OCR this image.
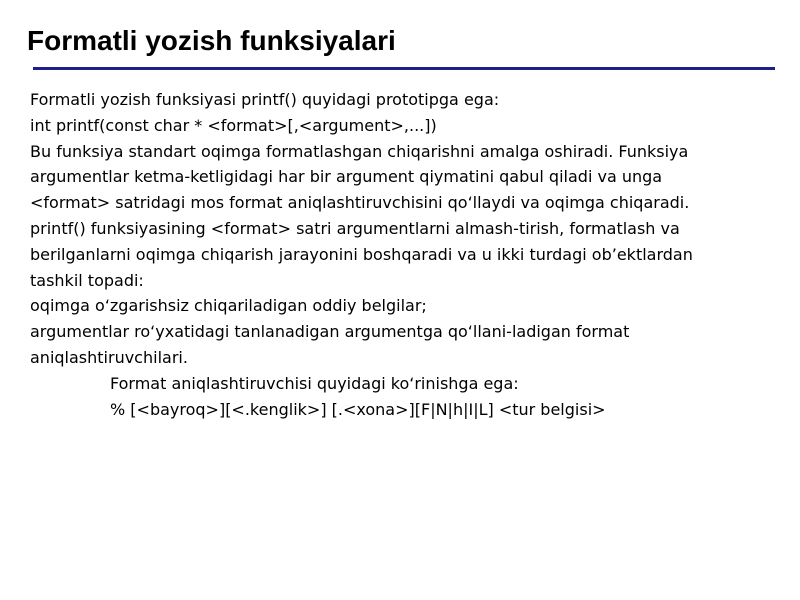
Formatli yozish funksiyalari
Formatli yozish funksiyasi printf() quyidagi prototipga ega:
int printf(const char * <format>[,<argument>,...])
Bu funksiya standart oqimga formatlashgan chiqarishni amalga oshiradi. Funksiya
argumentlar ketma-ketligidagi har bir argument qiymatini qabul qiladi va unga
<format> satridagi mos format aniqlashtiruvchisini qo‘llaydi va oqimga chiqaradi.
printf() funksiyasining <format> satri argumentlarni almash-tirish, formatlash va
berilganlarni oqimga chiqarish jarayonini boshqaradi va u ikki turdagi ob’ektlardan
tashkil topadi:
oqimga o‘zgarishsiz chiqariladigan oddiy belgilar;
argumentlar ro‘yxatidagi tanlanadigan argumentga qo‘llani-ladigan format
aniqlashtiruvchilari.
Format aniqlashtiruvchisi quyidagi ko‘rinishga ega:
% [<bayroq>][<.kenglik>] [.<xona>][F|N|h|I|L] <tur belgisi>
